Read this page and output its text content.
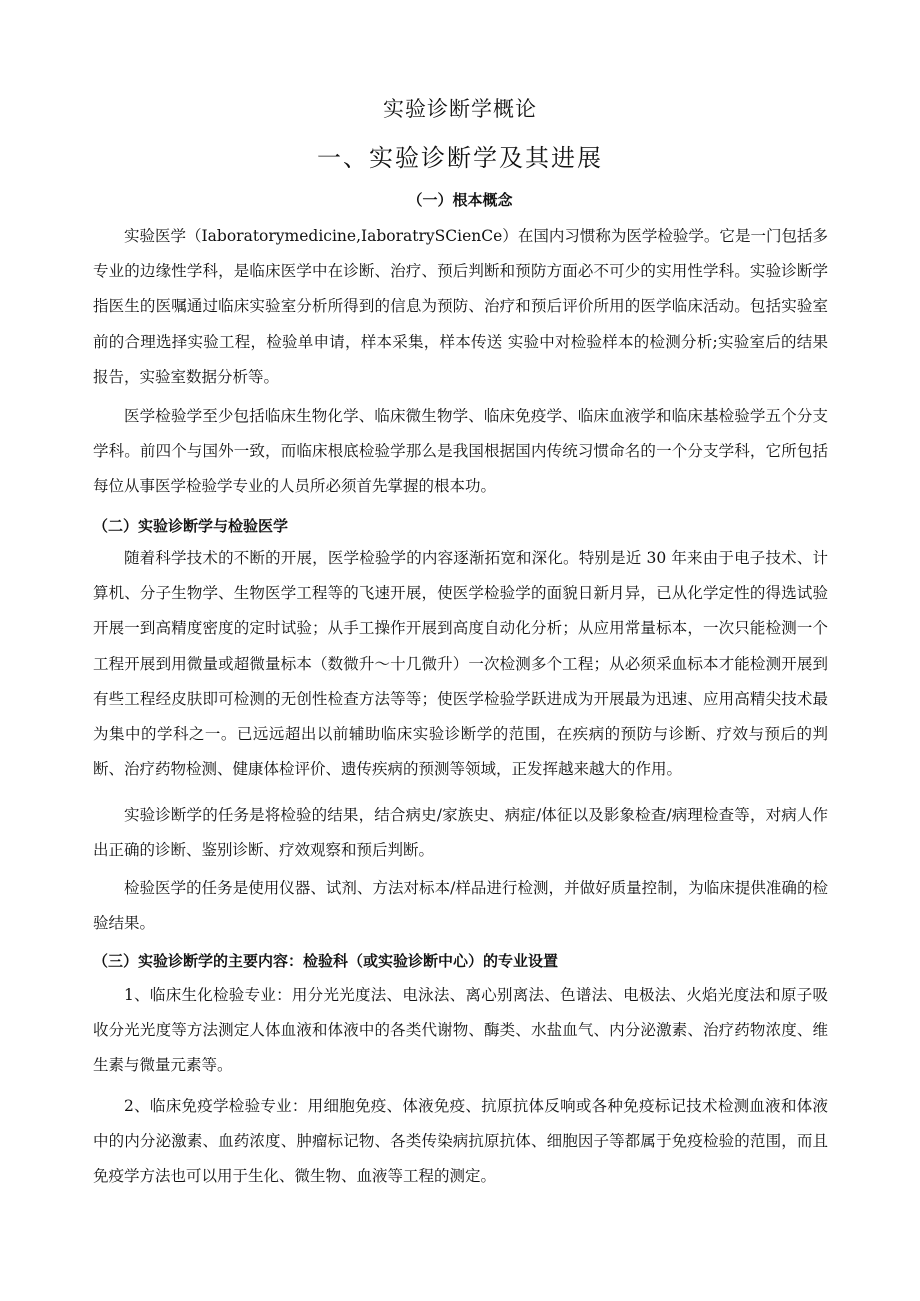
实验诊断学概论
一、实验诊断学及其进展
（一）根本概念

实验医学（Iaboratorymedicine,IaboratrySCienCe）在国内习惯称为医学检验学。它是一门包括多专业的边缘性学科，是临床医学中在诊断、治疗、预后判断和预防方面必不可少的实用性学科。实验诊断学指医生的医嘱通过临床实验室分析所得到的信息为预防、治疗和预后评价所用的医学临床活动。包括实验室前的合理选择实验工程，检验单申请，样本采集，样本传送 实验中对检验样本的检测分析;实验室后的结果报告，实验室数据分析等。

医学检验学至少包括临床生物化学、临床微生物学、临床免疫学、临床血液学和临床基检验学五个分支学科。前四个与国外一致，而临床根底检验学那么是我国根据国内传统习惯命名的一个分支学科，它所包括每位从事医学检验学专业的人员所必须首先掌握的根本功。

（二）实验诊断学与检验医学

随着科学技术的不断的开展，医学检验学的内容逐渐拓宽和深化。特别是近 30 年来由于电子技术、计算机、分子生物学、生物医学工程等的飞速开展，使医学检验学的面貌日新月异，已从化学定性的得选试验开展一到高精度密度的定时试验；从手工操作开展到高度自动化分析；从应用常量标本，一次只能检测一个工程开展到用微量或超微量标本（数微升～十几微升）一次检测多个工程；从必须采血标本才能检测开展到有些工程经皮肤即可检测的无创性检查方法等等；使医学检验学跃进成为开展最为迅速、应用高精尖技术最为集中的学科之一。已远远超出以前辅助临床实验诊断学的范围，在疾病的预防与诊断、疗效与预后的判断、治疗药物检测、健康体检评价、遗传疾病的预测等领域，正发挥越来越大的作用。

实验诊断学的任务是将检验的结果，结合病史/家族史、病症/体征以及影象检查/病理检查等，对病人作出正确的诊断、鉴别诊断、疗效观察和预后判断。

检验医学的任务是使用仪器、试剂、方法对标本/样品进行检测，并做好质量控制，为临床提供准确的检验结果。

（三）实验诊断学的主要内容：检验科（或实验诊断中心）的专业设置

1、临床生化检验专业：用分光光度法、电泳法、离心别离法、色谱法、电极法、火焰光度法和原子吸收分光光度等方法测定人体血液和体液中的各类代谢物、酶类、水盐血气、内分泌激素、治疗药物浓度、维生素与微量元素等。

2、临床免疫学检验专业：用细胞免疫、体液免疫、抗原抗体反响或各种免疫标记技术检测血液和体液中的内分泌激素、血药浓度、肿瘤标记物、各类传染病抗原抗体、细胞因子等都属于免疫检验的范围，而且免疫学方法也可以用于生化、微生物、血液等工程的测定。
